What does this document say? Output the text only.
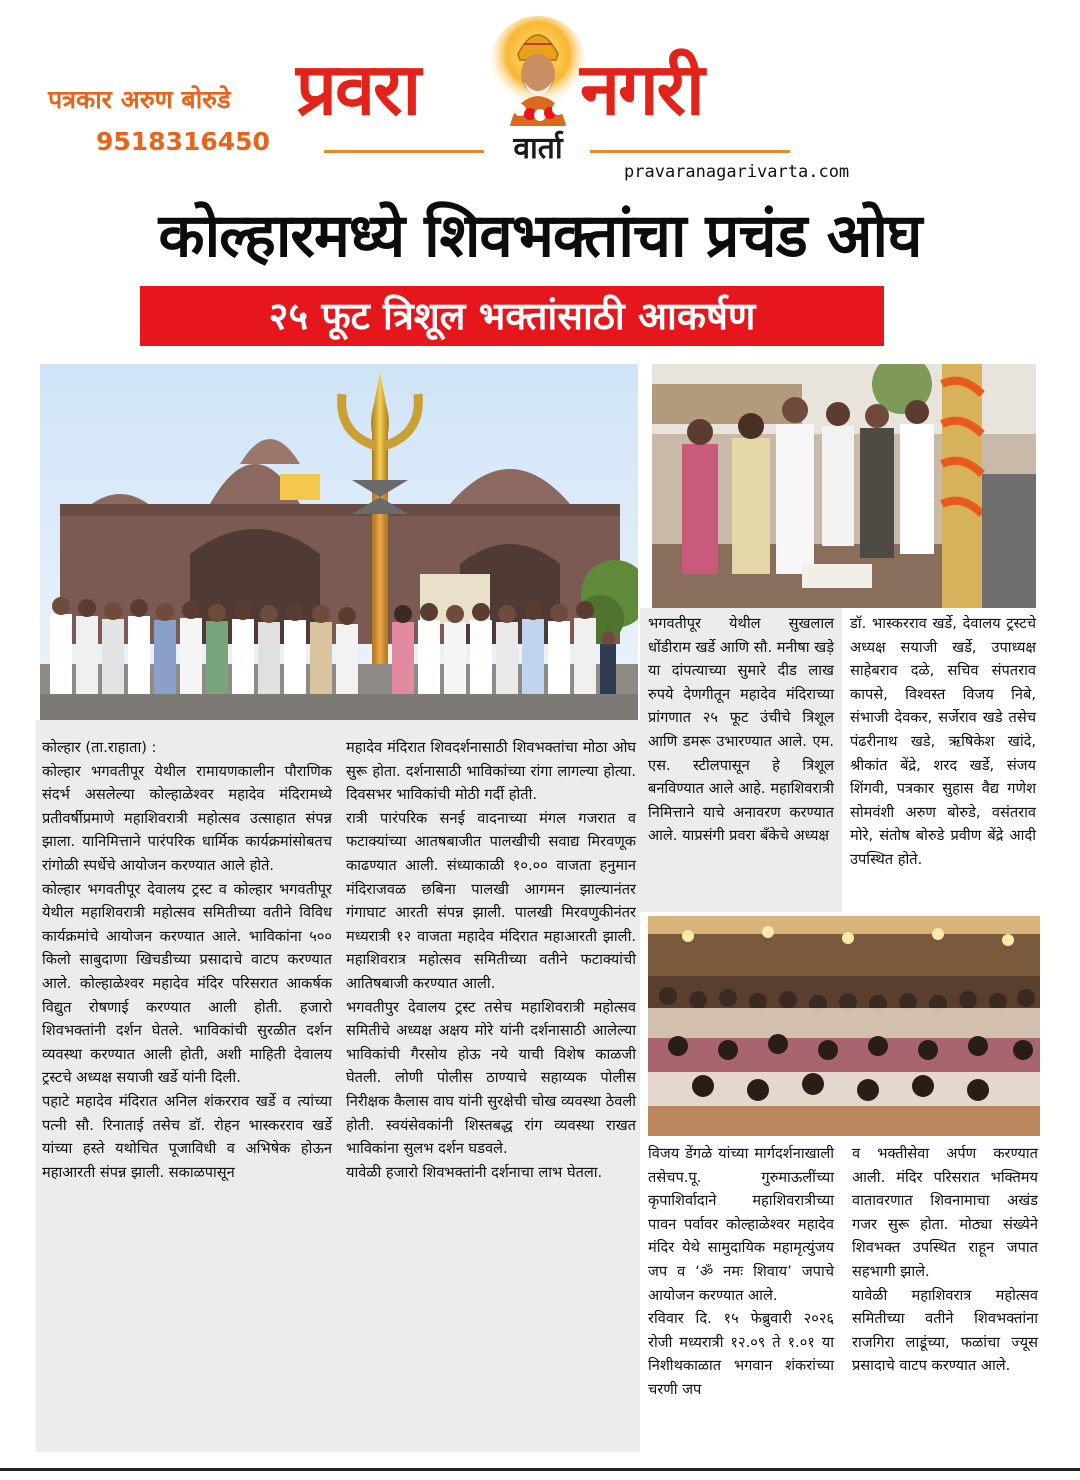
पत्रकार अरुण बोरुडे
9518316450
प्रवरा	नगरी
वार्ता
pravaranagarivarta.com
कोल्हारमध्ये शिवभक्तांचा प्रचंड ओघ
२५ फूट त्रिशूल भक्तांसाठी आकर्षण

कोल्हार (ता.राहाता) :

कोल्हार भगवतीपूर येथील रामायणकालीन पौराणिक संदर्भ असलेल्या कोल्हाळेश्वर महादेव मंदिरामध्ये प्रतीवर्षीप्रमाणे महाशिवरात्री महोत्सव उत्साहात संपन्न झाला. यानिमित्ताने पारंपरिक धार्मिक कार्यक्रमांसोबतच रांगोळी स्पर्धेचे आयोजन करण्यात आले होते.

कोल्हार भगवतीपूर देवालय ट्रस्ट व कोल्हार भगवतीपूर येथील महाशिवरात्री महोत्सव समितीच्या वतीने विविध कार्यक्रमांचे आयोजन करण्यात आले. भाविकांना ५०० किलो साबुदाणा खिचडीच्या प्रसादाचे वाटप करण्यात आले. कोल्हाळेश्वर महादेव मंदिर परिसरात आकर्षक विद्युत रोषणाई करण्यात आली होती. हजारो शिवभक्तांनी दर्शन घेतले. भाविकांची सुरळीत दर्शन व्यवस्था करण्यात आली होती, अशी माहिती देवालय ट्रस्टचे अध्यक्ष सयाजी खर्डे यांनी दिली.

पहाटे महादेव मंदिरात अनिल शंकरराव खर्डे व त्यांच्या पत्नी सौ. रिनाताई तसेच डॉ. रोहन भास्करराव खर्डे यांच्या हस्ते यथोचित पूजाविधी व अभिषेक होऊन महाआरती संपन्न झाली. सकाळपासून

महादेव मंदिरात शिवदर्शनासाठी शिवभक्तांचा मोठा ओघ सुरू होता. दर्शनासाठी भाविकांच्या रांगा लागल्या होत्या. दिवसभर भाविकांची मोठी गर्दी होती.

रात्री पारंपरिक सनई वादनाच्या मंगल गजरात व फटाक्यांच्या आतषबाजीत पालखीची सवाद्य मिरवणूक काढण्यात आली. संध्याकाळी १०.०० वाजता हनुमान मंदिराजवळ छबिना पालखी आगमन झाल्यानंतर गंगाघाट आरती संपन्न झाली. पालखी मिरवणुकीनंतर मध्यरात्री १२ वाजता महादेव मंदिरात महाआरती झाली. महाशिवरात्र महोत्सव समितीच्या वतीने फटाक्यांची आतिषबाजी करण्यात आली.

भगवतीपुर देवालय ट्रस्ट तसेच महाशिवरात्री महोत्सव समितीचे अध्यक्ष अक्षय मोरे यांनी दर्शनासाठी आलेल्या भाविकांची गैरसोय होऊ नये याची विशेष काळजी घेतली. लोणी पोलीस ठाण्याचे सहाय्यक पोलीस निरीक्षक कैलास वाघ यांनी सुरक्षेची चोख व्यवस्था ठेवली होती. स्वयंसेवकांनी शिस्तबद्ध रांग व्यवस्था राखत भाविकांना सुलभ दर्शन घडवले.

यावेळी हजारो शिवभक्तांनी दर्शनाचा लाभ घेतला.

भगवतीपूर येथील सुखलाल धोंडीराम खर्डे आणि सौ. मनीषा खड़े या दांपत्याच्या सुमारे दीड लाख रुपये देणगीतून महादेव मंदिराच्या प्रांगणात २५ फूट उंचीचे त्रिशूल आणि डमरू उभारण्यात आले. एम. एस. स्टीलपासून हे त्रिशूल बनविण्यात आले आहे. महाशिवरात्री निमित्ताने याचे अनावरण करण्यात आले. याप्रसंगी प्रवरा बँकेचे अध्यक्ष

डॉ. भास्करराव खर्डे, देवालय ट्रस्टचे अध्यक्ष सयाजी खर्डे, उपाध्यक्ष साहेबराव दळे, सचिव संपतराव कापसे, विश्वस्त विजय निबे, संभाजी देवकर, सर्जेराव खडे तसेच पंढरीनाथ खडे, ऋषिकेश खांदे, श्रीकांत बेंद्रे, शरद खर्डे, संजय शिंगवी, पत्रकार सुहास वैद्य गणेश सोमवंशी अरुण बोरुडे, वसंतराव मोरे, संतोष बोरुडे प्रवीण बेंद्रे आदी उपस्थित होते.

विजय डेंगळे यांच्या मार्गदर्शनाखाली तसेचप.पू. गुरुमाऊलींच्या कृपाशिर्वादाने महाशिवरात्रीच्या पावन पर्वावर कोल्हाळेश्वर महादेव मंदिर येथे सामुदायिक महामृत्युंजय जप व ‘ॐ नमः शिवाय’ जपाचे आयोजन करण्यात आले.

रविवार दि. १५ फेब्रुवारी २०२६ रोजी मध्यरात्री १२.०९ ते १.०१ या निशीथकाळात भगवान शंकरांच्या चरणी जप

व भक्तीसेवा अर्पण करण्यात आली. मंदिर परिसरात भक्तिमय वातावरणात शिवनामाचा अखंड गजर सुरू होता. मोठ्या संख्येने शिवभक्त उपस्थित राहून जपात सहभागी झाले.

यावेळी महाशिवरात्र महोत्सव समितीच्या वतीने शिवभक्तांना राजगिरा लाडूंच्या, फळांचा ज्यूस प्रसादाचे वाटप करण्यात आले.
